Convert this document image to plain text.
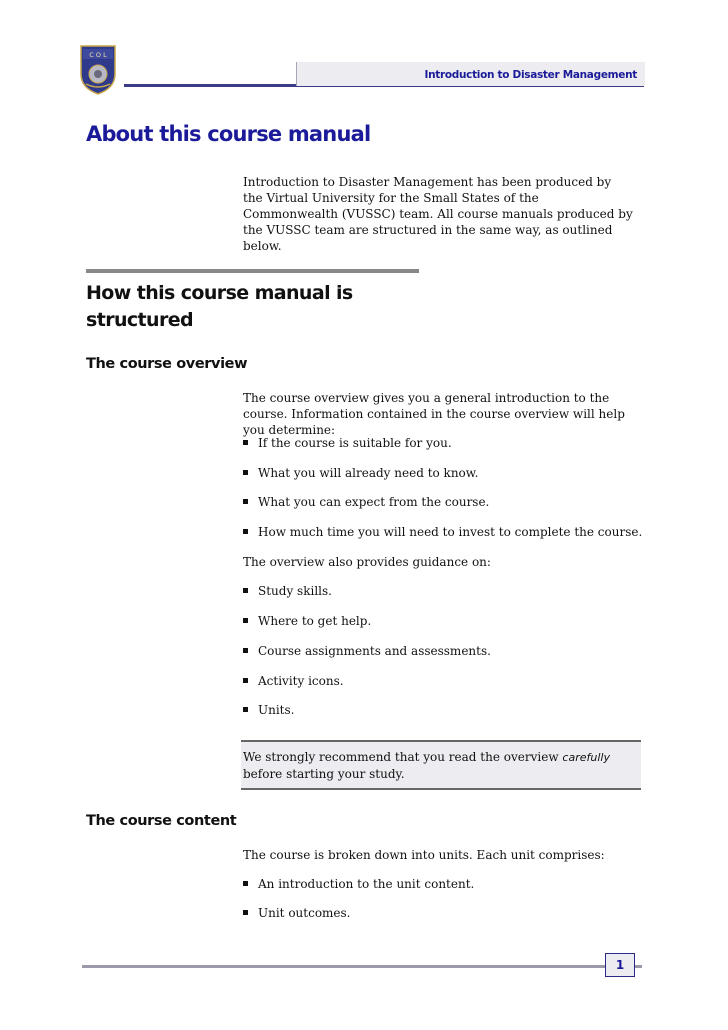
C O L
Introduction to Disaster Management
About this course manual
Introduction to Disaster Management has been produced by the Virtual University for the Small States of the Commonwealth (VUSSC) team. All course manuals produced by the VUSSC team are structured in the same way, as outlined below.
How this course manual is structured
The course overview
The course overview gives you a general introduction to the course. Information contained in the course overview will help you determine:
If the course is suitable for you.
What you will already need to know.
What you can expect from the course.
How much time you will need to invest to complete the course.
The overview also provides guidance on:
Study skills.
Where to get help.
Course assignments and assessments.
Activity icons.
Units.
We strongly recommend that you read the overview carefully before starting your study.
The course content
The course is broken down into units. Each unit comprises:
An introduction to the unit content.
Unit outcomes.
1
